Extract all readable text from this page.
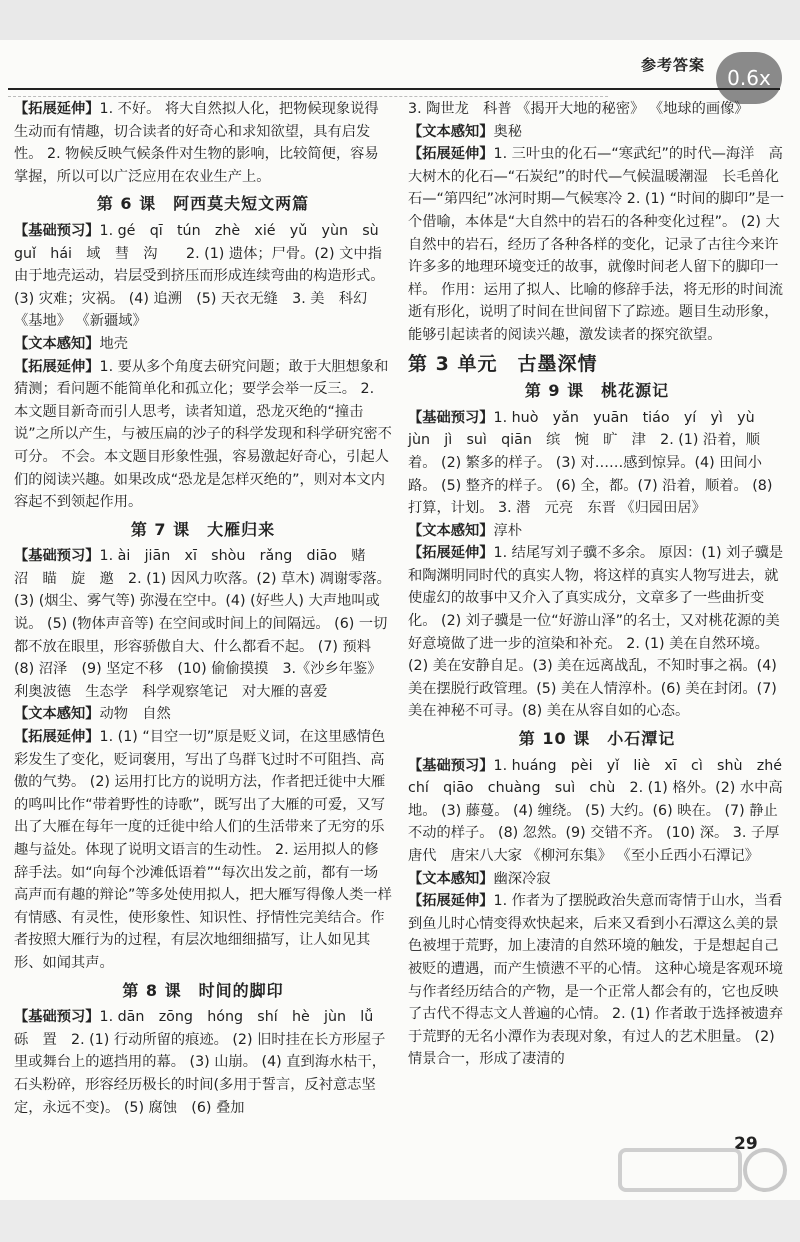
参考答案
0.6x
【拓展延伸】1. 不好。 将大自然拟人化，把物候现象说得生动而有情趣，切合读者的好奇心和求知欲望，具有启发性。 2. 物候反映气候条件对生物的影响，比较简便，容易掌握，所以可以广泛应用在农业生产上。
第 6 课　阿西莫夫短文两篇
【基础预习】1. gé　qī　tún　zhè　xié　yǔ　yùn　sù　guǐ　hái　域　彗　沟　　2. (1) 遗体；尸骨。(2) 文中指由于地壳运动，岩层受到挤压而形成连续弯曲的构造形式。 (3) 灾难；灾祸。 (4) 追溯　(5) 天衣无缝　3. 美　科幻　 《基地》 《新疆域》
【文本感知】地壳
【拓展延伸】1. 要从多个角度去研究问题；敢于大胆想象和猜测；看问题不能简单化和孤立化；要学会举一反三。 2. 本文题目新奇而引人思考，读者知道，恐龙灭绝的“撞击说”之所以产生，与被压扁的沙子的科学发现和科学研究密不可分。 不会。本文题目形象性强，容易激起好奇心，引起人们的阅读兴趣。如果改成“恐龙是怎样灭绝的”，则对本文内容起不到领起作用。
第 7 课　大雁归来
【基础预习】1. ài　jiān　xī　shòu　rǎng　diāo　赌　沼　瞄　旋　邀　2. (1) 因风力吹落。(2) 草木) 凋谢零落。 (3) (烟尘、雾气等) 弥漫在空中。(4) (好些人) 大声地叫或说。 (5) (物体声音等) 在空间或时间上的间隔远。 (6) 一切都不放在眼里，形容骄傲自大、什么都看不起。 (7) 预料　(8) 沼泽　(9) 坚定不移　(10) 偷偷摸摸　3.《沙乡年鉴》 利奥波德　生态学　科学观察笔记　对大雁的喜爱
【文本感知】动物　自然
【拓展延伸】1. (1) “目空一切”原是贬义词，在这里感情色彩发生了变化，贬词褒用，写出了鸟群飞过时不可阻挡、高傲的气势。 (2) 运用打比方的说明方法，作者把迁徙中大雁的鸣叫比作“带着野性的诗歌”，既写出了大雁的可爱，又写出了大雁在每年一度的迁徙中给人们的生活带来了无穷的乐趣与益处。体现了说明文语言的生动性。 2. 运用拟人的修辞手法。如“向每个沙滩低语着”“每次出发之前，都有一场高声而有趣的辩论”等多处使用拟人，把大雁写得像人类一样有情感、有灵性，使形象性、知识性、抒情性完美结合。作者按照大雁行为的过程，有层次地细细描写，让人如见其形、如闻其声。
第 8 课　时间的脚印
【基础预习】1. dān　zōng　hóng　shí　hè　jùn　lǚ　砾　置　2. (1) 行动所留的痕迹。 (2) 旧时挂在长方形屋子里或舞台上的遮挡用的幕。 (3) 山崩。 (4) 直到海水枯干，石头粉碎，形容经历极长的时间(多用于誓言，反衬意志坚定，永远不变)。 (5) 腐蚀　(6) 叠加
3. 陶世龙　科普 《揭开大地的秘密》 《地球的画像》
【文本感知】奥秘
【拓展延伸】1. 三叶虫的化石—“寒武纪”的时代—海洋　高大树木的化石—“石炭纪”的时代—气候温暖潮湿　长毛兽化石—“第四纪”冰河时期—气候寒冷 2. (1) “时间的脚印”是一个借喻，本体是“大自然中的岩石的各种变化过程”。 (2) 大自然中的岩石，经历了各种各样的变化，记录了古往今来许许多多的地理环境变迁的故事，就像时间老人留下的脚印一样。 作用：运用了拟人、比喻的修辞手法，将无形的时间流逝有形化，说明了时间在世间留下了踪迹。题目生动形象，能够引起读者的阅读兴趣，激发读者的探究欲望。
第 3 单元　古墨深情
第 9 课　桃花源记
【基础预习】1. huò　yǎn　yuān　tiáo　yí　yì　yù　jùn　jì　suì　qiān　缤　惋　旷　津　2. (1) 沿着，顺着。 (2) 繁多的样子。 (3) 对……感到惊异。(4) 田间小路。 (5) 整齐的样子。 (6) 全，都。(7) 沿着，顺着。 (8) 打算，计划。 3. 潜　元亮　东晋 《归园田居》
【文本感知】淳朴
【拓展延伸】1. 结尾写刘子骥不多余。 原因：(1) 刘子骥是和陶渊明同时代的真实人物，将这样的真实人物写进去，就使虚幻的故事中又介入了真实成分，文章多了一些曲折变化。 (2) 刘子骥是一位“好游山泽”的名士，又对桃花源的美好意境做了进一步的渲染和补充。 2. (1) 美在自然环境。(2) 美在安静自足。(3) 美在远离战乱，不知时事之祸。(4) 美在摆脱行政管理。(5) 美在人情淳朴。(6) 美在封闭。(7) 美在神秘不可寻。(8) 美在从容自如的心态。
第 10 课　小石潭记
【基础预习】1. huáng　pèi　yǐ　liè　xī　cì　shù　zhé　chí　qiāo　chuàng　suì　chù　2. (1) 格外。(2) 水中高地。 (3) 藤蔓。 (4) 缠绕。 (5) 大约。(6) 映在。 (7) 静止不动的样子。 (8) 忽然。(9) 交错不齐。 (10) 深。 3. 子厚　唐代　唐宋八大家 《柳河东集》 《至小丘西小石潭记》
【文本感知】幽深冷寂
【拓展延伸】1. 作者为了摆脱政治失意而寄情于山水，当看到鱼儿时心情变得欢快起来，后来又看到小石潭这么美的景色被埋于荒野，加上凄清的自然环境的触发，于是想起自己被贬的遭遇，而产生愤懑不平的心情。 这种心境是客观环境与作者经历结合的产物，是一个正常人都会有的，它也反映了古代不得志文人普遍的心情。 2. (1) 作者敢于选择被遗弃于荒野的无名小潭作为表现对象，有过人的艺术胆量。 (2) 情景合一，形成了凄清的
29
